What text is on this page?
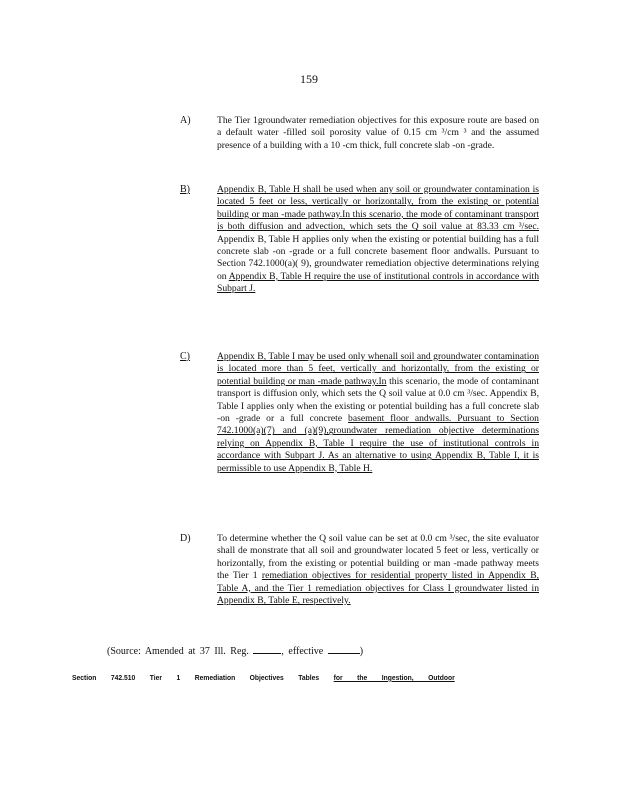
159
A)	The Tier 1groundwater remediation objectives for this exposure route are based on a default water -filled soil porosity value of 0.15 cm ³/cm ³ and the assumed presence of a building with a 10 -cm thick, full concrete slab -on -grade.
B)	Appendix B, Table H shall be used when any soil or groundwater contamination is located 5 feet or less, vertically or horizontally, from the existing or potential building or man -made pathway.In this scenario, the mode of contaminant transport is both diffusion and advection, which sets the Q soil value at 83.33 cm ³/sec. Appendix B, Table H applies only when the existing or potential building has a full concrete slab -on -grade or a full concrete basement floor andwalls. Pursuant to Section 742.1000(a)( 9), groundwater remediation objective determinations relying on Appendix B, Table H require the use of institutional controls in accordance with Subpart J.
C)	Appendix B, Table I may be used only whenall soil and groundwater contamination is located more than 5 feet, vertically and horizontally, from the existing or potential building or man -made pathway.In this scenario, the mode of contaminant transport is diffusion only, which sets the Q soil value at 0.0 cm ³/sec. Appendix B, Table I applies only when the existing or potential building has a full concrete slab -on -grade or a full concrete basement floor andwalls. Pursuant to Section 742.1000(a)(7) and (a)(9),groundwater remediation objective determinations relying on Appendix B, Table I require the use of institutional controls in accordance with Subpart J. As an alternative to using Appendix B, Table I, it is permissible to use Appendix B, Table H.
D)	To determine whether the Q soil value can be set at 0.0 cm ³/sec, the site evaluator shall de monstrate that all soil and groundwater located 5 feet or less, vertically or horizontally, from the existing or potential building or man -made pathway meets the Tier 1 remediation objectives for residential property listed in Appendix B, Table A, and the Tier 1 remediation objectives for Class I groundwater listed in Appendix B, Table E, respectively.
(Source: Amended at 37 Ill. Reg.	, effective	)
Section 742.510 Tier 1 Remediation Objectives Tables for the Ingestion, Outdoor
